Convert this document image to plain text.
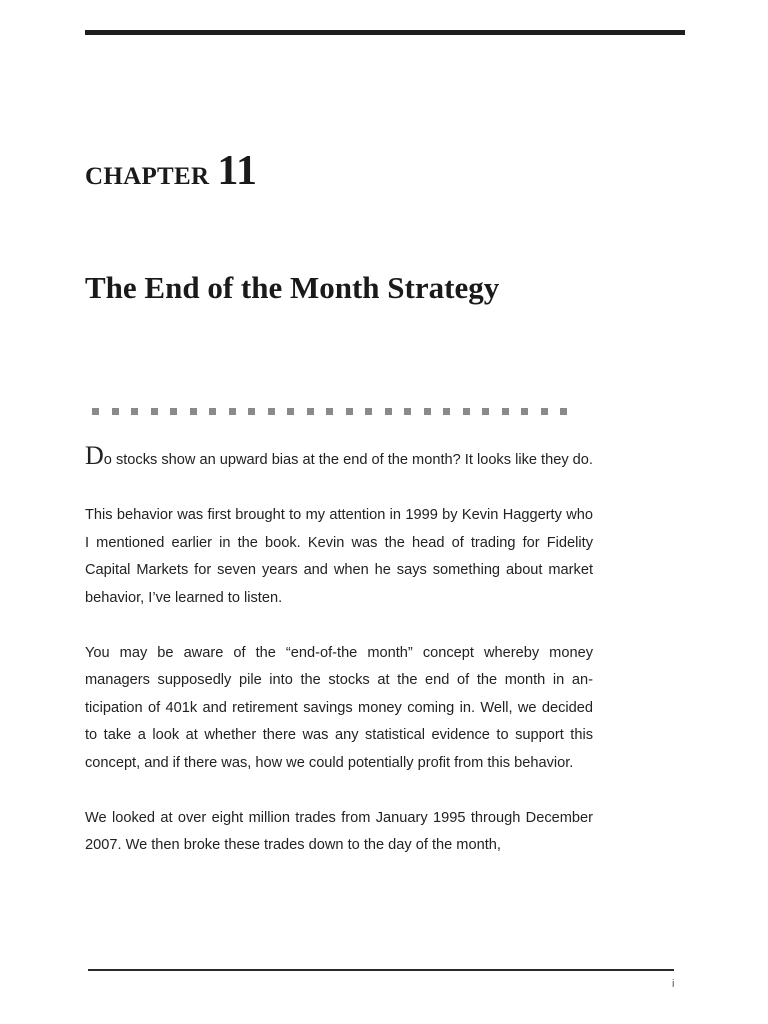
CHAPTER 11
The End of the Month Strategy

Do stocks show an upward bias at the end of the month? It looks like they do.

This behavior was first brought to my attention in 1999 by Kevin Haggerty who I mentioned earlier in the book. Kevin was the head of trading for Fidelity Capital Markets for seven years and when he says something about market behavior, I’ve learned to listen.

You may be aware of the “end-of-the month” concept whereby money managers supposedly pile into the stocks at the end of the month in anticipation of 401k and retirement savings money coming in. Well, we decided to take a look at whether there was any statistical evidence to support this concept, and if there was, how we could potentially profit from this behavior.

We looked at over eight million trades from January 1995 through December 2007. We then broke these trades down to the day of the month,

i
